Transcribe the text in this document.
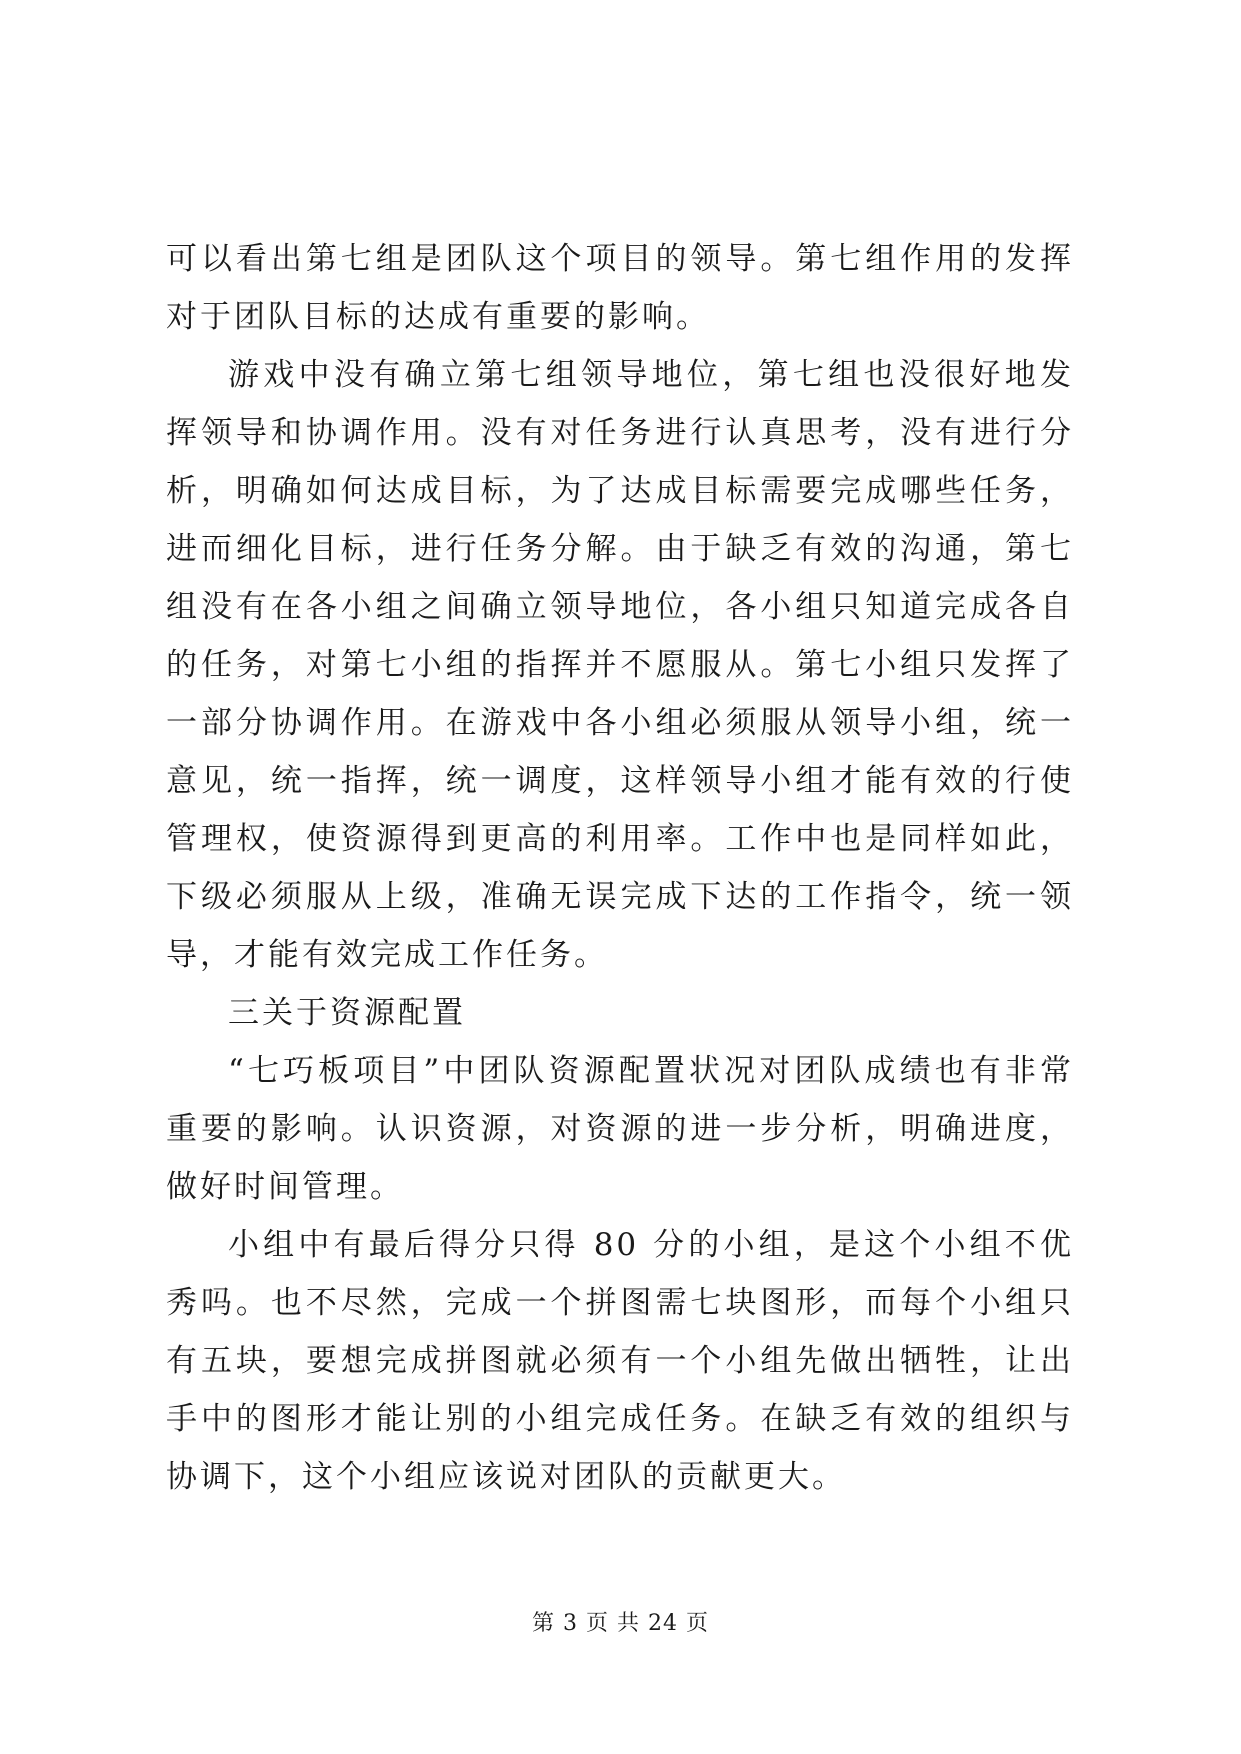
可以看出第七组是团队这个项目的领导。第七组作用的发挥对于团队目标的达成有重要的影响。

游戏中没有确立第七组领导地位，第七组也没很好地发挥领导和协调作用。没有对任务进行认真思考，没有进行分析，明确如何达成目标，为了达成目标需要完成哪些任务，进而细化目标，进行任务分解。由于缺乏有效的沟通，第七组没有在各小组之间确立领导地位，各小组只知道完成各自的任务，对第七小组的指挥并不愿服从。第七小组只发挥了一部分协调作用。在游戏中各小组必须服从领导小组，统一意见，统一指挥，统一调度，这样领导小组才能有效的行使管理权，使资源得到更高的利用率。工作中也是同样如此，下级必须服从上级，准确无误完成下达的工作指令，统一领导，才能有效完成工作任务。

三关于资源配置

“七巧板项目”中团队资源配置状况对团队成绩也有非常重要的影响。认识资源，对资源的进一步分析，明确进度，做好时间管理。

小组中有最后得分只得 80 分的小组，是这个小组不优秀吗。也不尽然，完成一个拼图需七块图形，而每个小组只有五块，要想完成拼图就必须有一个小组先做出牺牲，让出手中的图形才能让别的小组完成任务。在缺乏有效的组织与协调下，这个小组应该说对团队的贡献更大。

第 3 页 共 24 页
